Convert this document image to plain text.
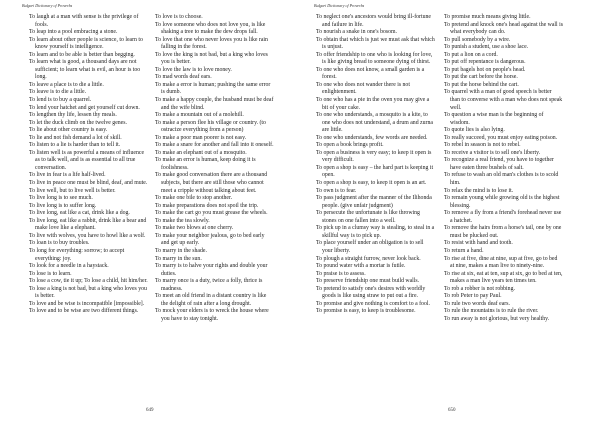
Bulgari Dictionary of Proverbs
To laugh at a man with sense is the privilege of fools.
To leap into a pool embracing a stone.
To learn about other people is science, to learn to know yourself is intelligence.
To learn and to be able is better than begging.
To learn what is good, a thousand days are not sufficient; to learn what is evil, an hour is too long.
To leave a place is to die a little.
To leave is to die a little.
To lend is to buy a quarrel.
To lend your hatchet and get yourself cut down.
To lengthen thy life, lessen thy meals.
To let the duck climb on the twelve genes.
To lie about other country is easy.
To lie and not fish demand a lot of skill.
To listen to a lie is harder than to tell it.
To listen well is as powerful a means of influence as to talk well, and is as essential to all true conversation.
To live in fear is a life half-lived.
To live in peace one must be blind, deaf, and mute.
To live well, but to live well is better.
To live long is to see much.
To live long is to suffer long.
To live long, eat like a cat, drink like a dog.
To live long, eat like a rabbit, drink like a bear and make love like a elephant.
To live with wolves, you have to howl like a wolf.
To loan is to buy troubles.
To long for everything: sorrow; to accept everything: joy.
To look for a needle in a haystack.
To lose is to learn.
To lose a cow, tie it up; To lose a child, hit him/her.
To lose a king is not bad, but a king who loves you is better.
To love and be wise is incompatible [impossible].
To love and to be wise are two different things.
To love is to choose.
To love someone who does not love you, is like shaking a tree to make the dew drops fall.
To love that one who never loves you is like rain falling in the forest.
To love the king is not bad, but a king who loves you is better.
To love the law is to love money.
To mad words deaf ears.
To make a error is human; pushing the same error is dumb.
To make a happy couple, the husband must be deaf and the wife blind.
To make a mountain out of a molehill.
To make a person flee his village or country. (to ostracize everything from a person)
To make a poor man poorer is not easy.
To make a snare for another and fall into it oneself.
To make an elephant out of a mosquito.
To make an error is human, keep doing it is foolishness.
To make good conversation there are a thousand subjects, but there are still those who cannot meet a cripple without talking about feet.
To make one bile to stop another.
To make preparations does not spoil the trip.
To make the cart go you must grease the wheels.
To make the tea slowly.
To make two blows at one cherry.
To make your neighbor jealous, go to bed early and get up early.
To marry in the shade.
To marry in the sun.
To marry is to halve your rights and double your duties.
To marry once is a duty, twice a folly, thrice is madness.
To meet an old friend in a distant country is like the delight of rain after a long drought.
To mock your elders is to wreck the house where you have to stay tonight.
649
Bulgari Dictionary of Proverbs
To neglect one's ancestors would bring ill-fortune and failure in life.
To nourish a snake in one's bosom.
To obtain that which is just we must ask that which is unjust.
To offer friendship to one who is looking for love, is like giving bread to someone dying of thirst.
To one who does not know, a small garden is a forest.
To one who does not wander there is not enlightenment.
To one who has a pie in the oven you may give a bit of your cake.
To one who understands, a mosquito is a kite, to one who does not understand, a drum and zurna are little.
To one who understands, few words are needed.
To open a book brings profit.
To open a business is very easy; to keep it open is very difficult.
To open a shop is easy – the hard part is keeping it open.
To open a shop is easy, to keep it open is an art.
To own is to fear.
To pass judgment after the manner of the Ilihonda people. (give unfair judgment)
To persecute the unfortunate is like throwing stones on one fallen into a well.
To pick up in a clumsy way is stealing, to steal in a skillful way is to pick up.
To place yourself under an obligation is to sell your liberty.
To plough a straight furrow, never look back.
To pound water with a mortar is futile.
To praise is to assess.
To preserve friendship one must build walls.
To pretend to satisfy one's desires with worldly goods is like using straw to put out a fire.
To promise and give nothing is comfort to a fool.
To promise is easy, to keep is troublesome.
To promise much means giving little.
To pretend and knock one's head against the wall is what everybody can do.
To pull somebody by a wire.
To punish a student, use a shoe lace.
To put a lion on a cord.
To put off repentance is dangerous.
To put bagels hot on people's head.
To put the cart before the horse.
To put the horse behind the cart.
To quarrel with a man of good speech is better than to converse with a man who does not speak well.
To question a wise man is the beginning of wisdom.
To quote lies is also lying.
To really succeed, you must enjoy eating poison.
To rebel in season is not to rebel.
To receive a visitor is to sell one's liberty.
To recognize a real friend, you have to together have eaten three bushels of salt.
To refuse to wash an old man's clothes is to scold him.
To relax the mind is to lose it.
To remain young while growing old is the highest blessing.
To remove a fly from a friend's forehead never use a hatchet.
To remove the hairs from a horse's tail, one by one must be plucked out.
To resist with hand and tooth.
To return a hand.
To rise at five, dine at nine, sup at five, go to bed at nine, makes a man live to ninety-nine.
To rise at six, eat at ten, sup at six, go to bed at ten, makes a man live years ten times ten.
To rob a robber is not robbing.
To rob Peter to pay Paul.
To rule two words deaf ears.
To rule the mountains is to rule the river.
To run away is not glorious, but very healthy.
650
